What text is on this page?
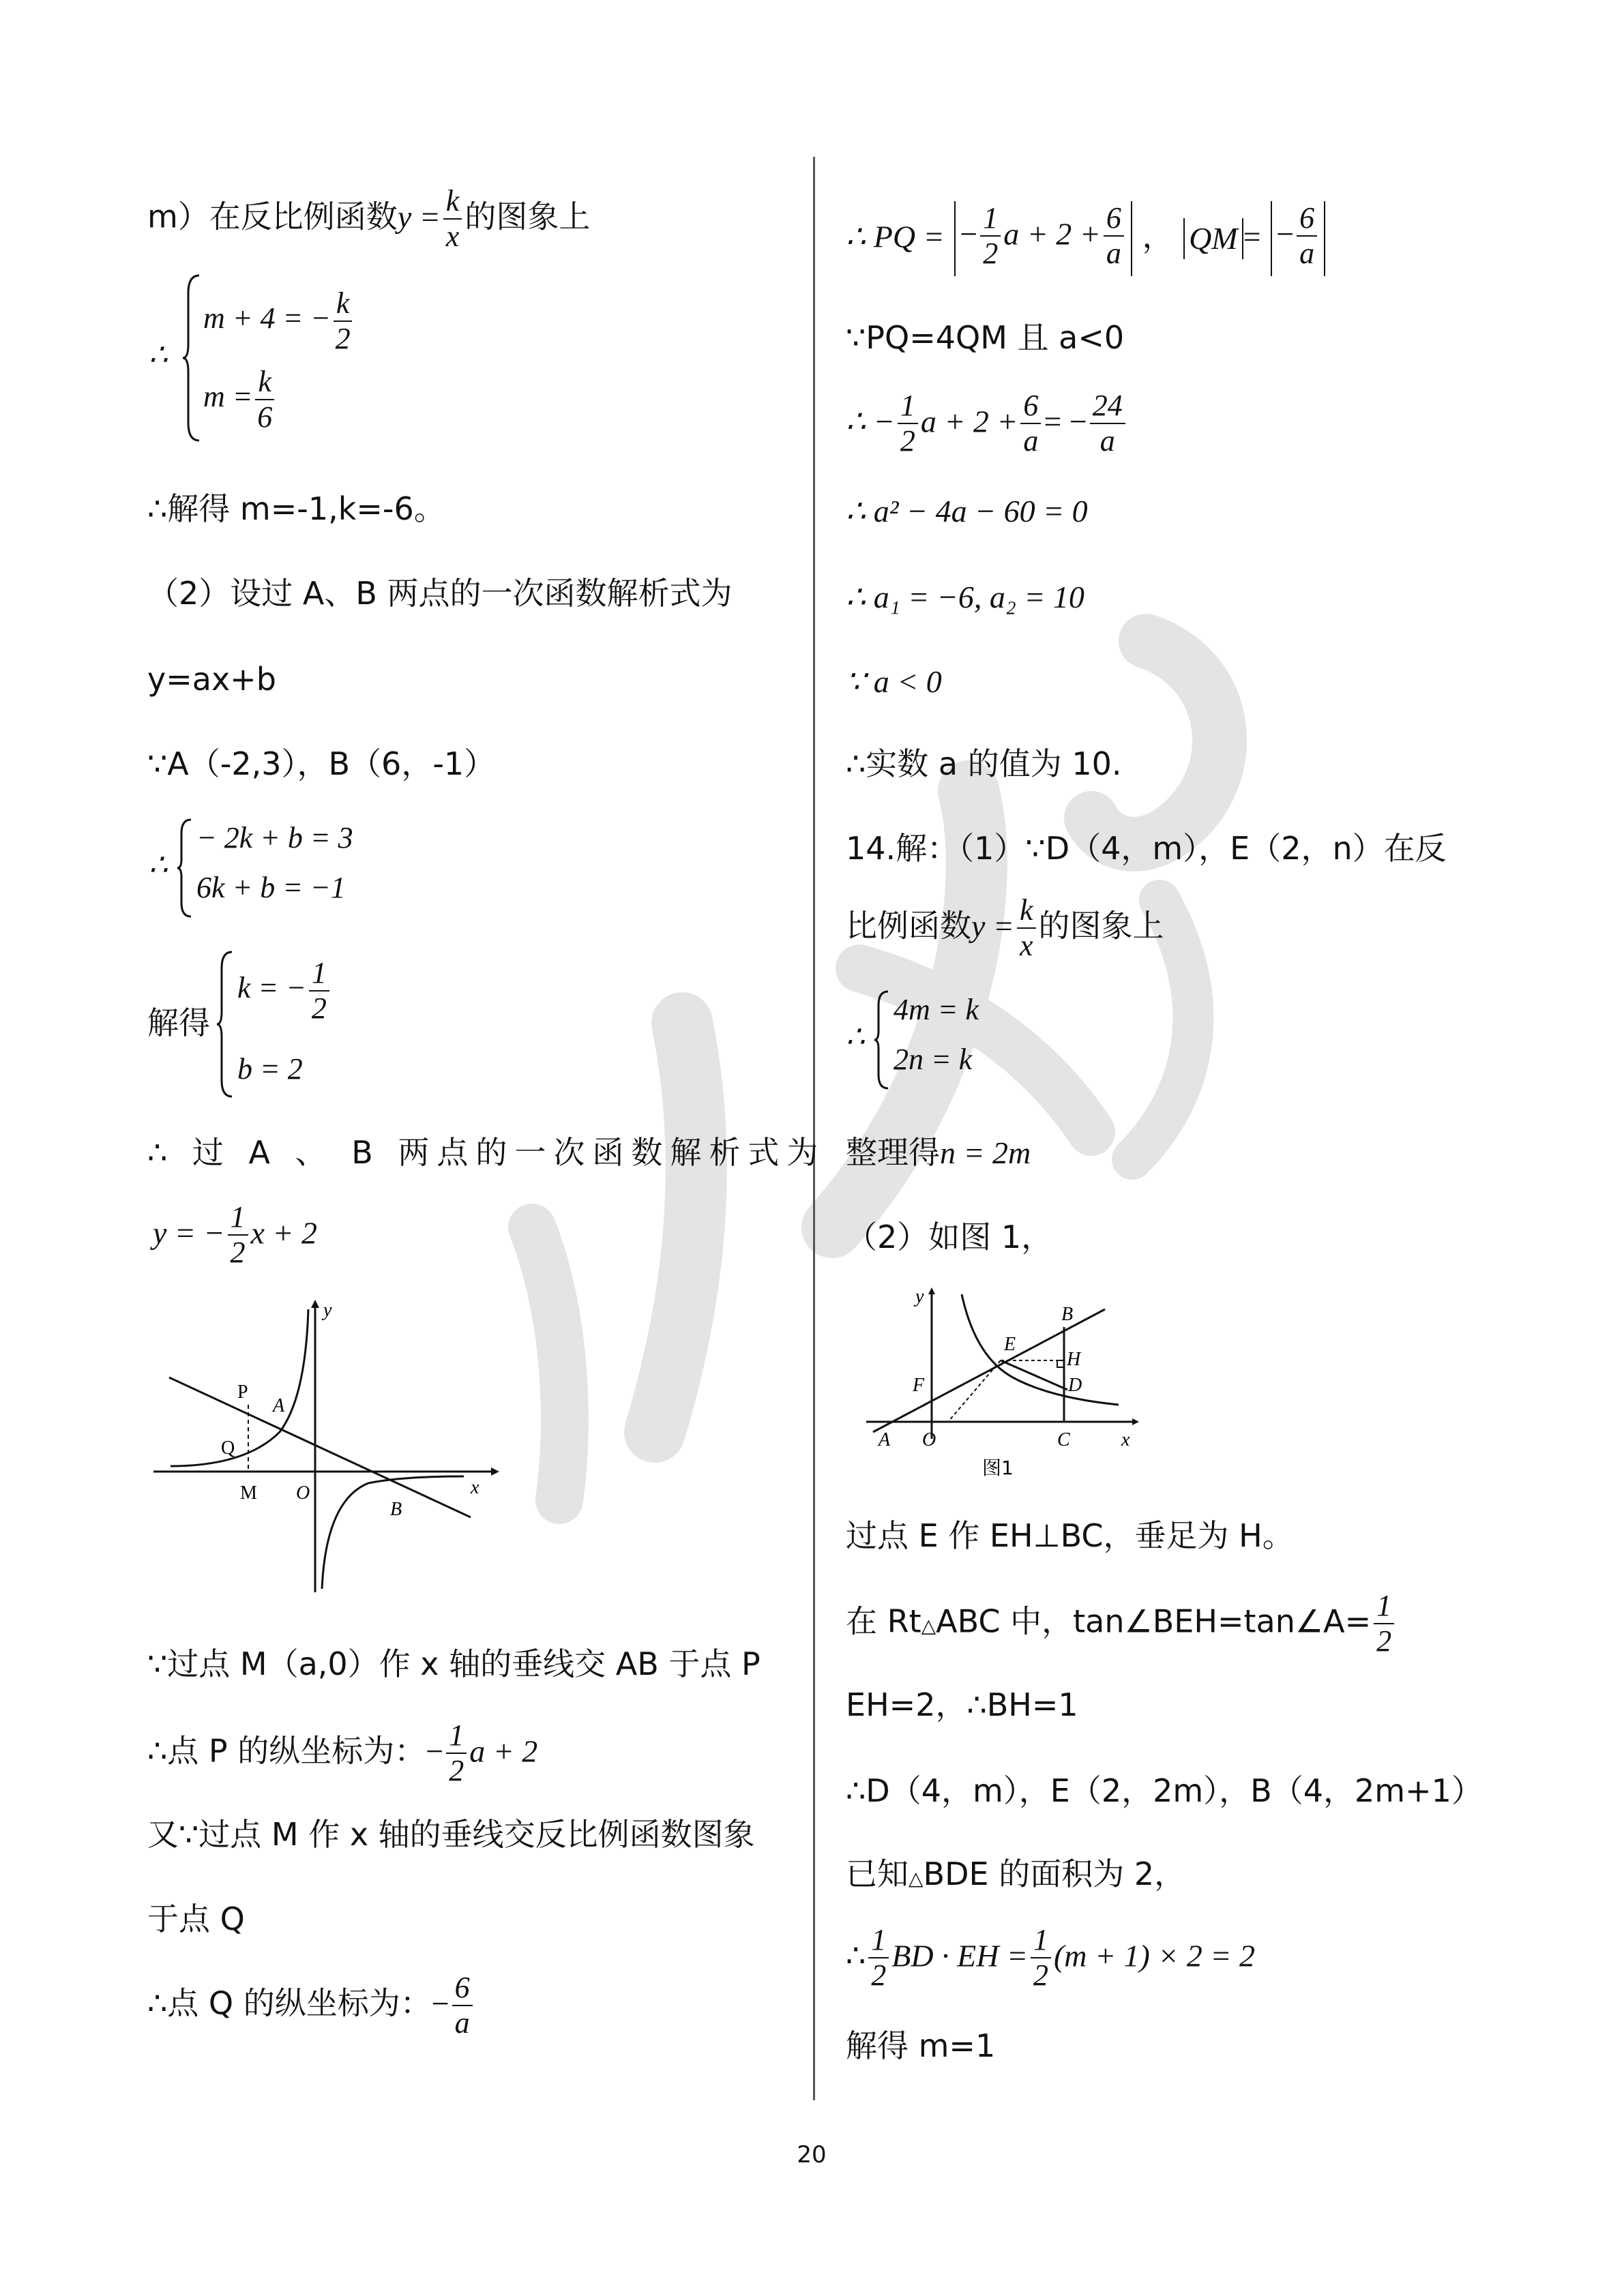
m）在反比例函数$y = \frac{k}{x}$ 的图象上
∴
m + 4 = − $\frac{k}{2}$
$m = \frac{k}{6}$
∴解得 m=-1,k=-6。
（2）设过 A、B 两点的一次函数解析式为
y=ax+b
∵A（-2,3），B（6，-1）
∴
− 2k + b = 3
6k + b = −1
解得
k = − $\frac{1}{2}$
b = 2
∴ 过 A 、 B 两点的一次函数解析式为
y = − $\frac{1}{2}$ x + 2
P
A
Q
M O
B
x
y
∵过点 M（a,0）作 x 轴的垂线交 AB 于点 P
∴点 P 的纵坐标为：− $\frac{1}{2}$ a + 2
又∵过点 M 作 x 轴的垂线交反比例函数图象
于点 Q
∴点 Q 的纵坐标为：− $\frac{6}{a}$
∴ PQ = − $\frac{1}{2}$ $a + 2 + \frac{6}{a}$ ， QM = − $\frac{6}{a}$
∵PQ=4QM 且 a<0
∴ − $\frac{1}{2}$ $a + 2 + \frac{6}{a}$ = − $\frac{24}{a}$
∴ a² − 4a − 60 = 0
∴ a₁ = −6, a₂ = 10
∵ a < 0
∴实数 a 的值为 10.
14.解：（1）∵D（4，m），E（2，n）在反
比例函数$y = \frac{k}{x}$ 的图象上
∴
4m = k
2n = k
整理得n = 2m
（2）如图 1，
B
E
H
D
F
A O	C	x
y
图1
过点 E 作 EH⊥BC，垂足为 H。
在 Rt△ABC 中，tan∠BEH=tan∠A= $\frac{1}{2}$
EH=2，∴BH=1
∴D（4，m），E（2，2m），B（4，2m+1）
已知△BDE 的面积为 2，
∴ $\frac{1}{2}$ BD · EH = $\frac{1}{2} (m + 1) \times 2 = 2$
解得 m=1
20
